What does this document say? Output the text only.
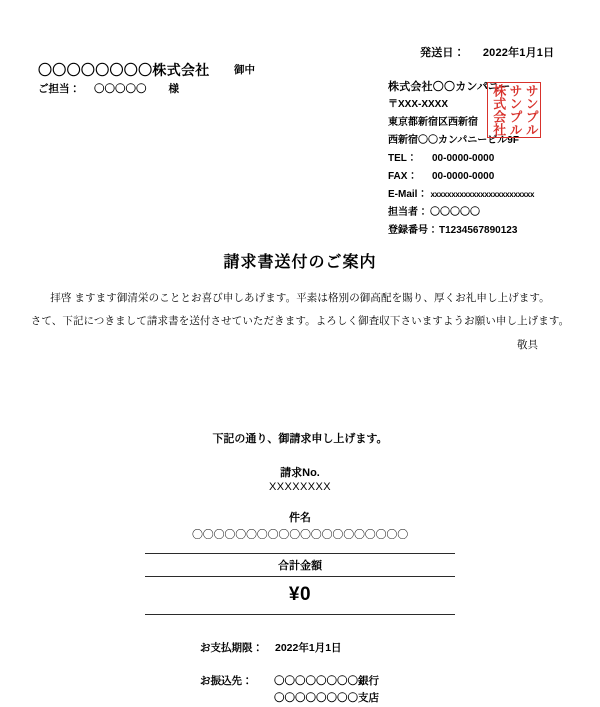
発送日： 2022年1月1日
〇〇〇〇〇〇〇〇株式会社 御中
ご担当： 〇〇〇〇〇 様	株式会社〇〇カンパニー
〒XXX-XXXX
東京都新宿区西新宿
西新宿〇〇カンパニービル9F
TEL： 00-0000-0000
FAX： 00-0000-0000
E-Mail： xxxxxxxxxxxxxxxxxxxxxxxxx
担当者： 〇〇〇〇〇
登録番号：T1234567890123
サンプル
サンプル
株式会社
請求書送付のご案内
拝啓 ますます御清栄のこととお喜び申しあげます。平素は格別の御高配を賜り、厚くお礼申し上げます。
さて、下記につきまして請求書を送付させていただきます。よろしく御査収下さいますようお願い申し上げます。
敬具
下記の通り、御請求申し上げます。
請求No.
XXXXXXXX
件名
〇〇〇〇〇〇〇〇〇〇〇〇〇〇〇〇〇〇〇〇
合計金額
¥0
お支払期限： 2022年1月1日
お振込先： 〇〇〇〇〇〇〇〇銀行
〇〇〇〇〇〇〇〇支店
